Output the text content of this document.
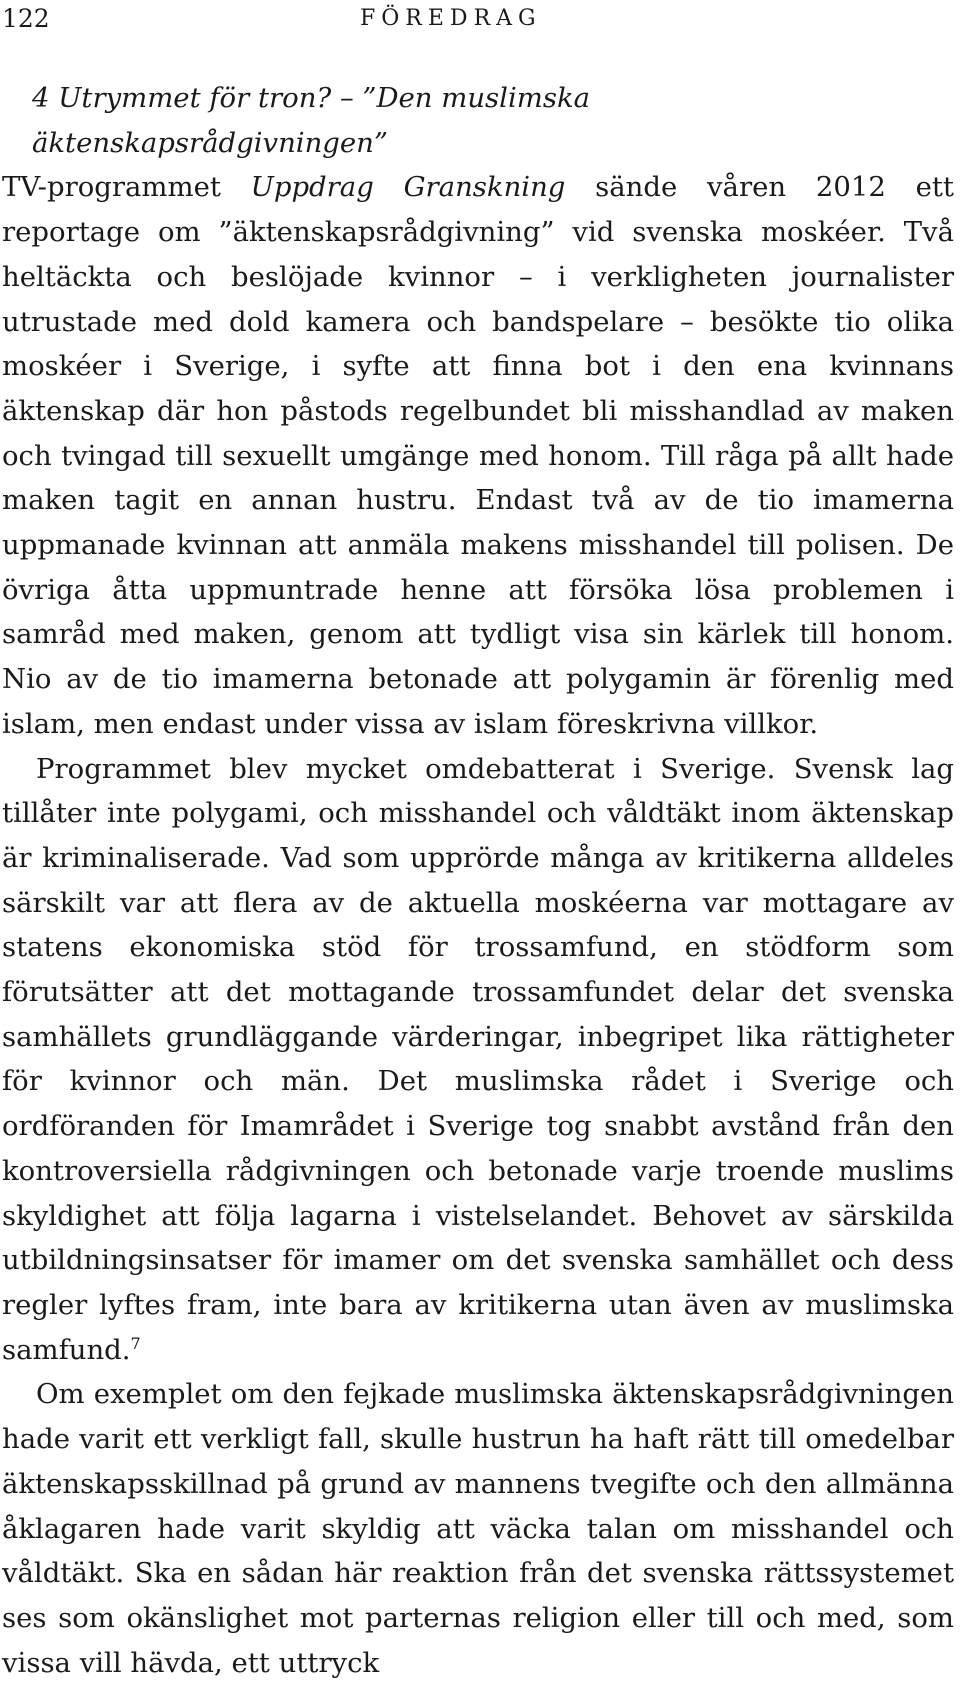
122	FÖREDRAG
4 Utrymmet för tron? – ”Den muslimska äktenskapsrådgivningen”

TV-programmet Uppdrag Granskning sände våren 2012 ett reportage om ”äktenskapsrådgivning” vid svenska moskéer. Två heltäckta och beslöjade kvinnor – i verkligheten journalister utrustade med dold kamera och bandspelare – besökte tio olika moskéer i Sverige, i syfte att finna bot i den ena kvinnans äktenskap där hon påstods regelbundet bli misshandlad av maken och tvingad till sexuellt umgänge med honom. Till råga på allt hade maken tagit en annan hustru. Endast två av de tio imamerna uppmanade kvinnan att anmäla makens misshandel till polisen. De övriga åtta uppmuntrade henne att försöka lösa problemen i samråd med maken, genom att tydligt visa sin kärlek till honom. Nio av de tio imamerna betonade att polygamin är förenlig med islam, men endast under vissa av islam föreskrivna villkor.

Programmet blev mycket omdebatterat i Sverige. Svensk lag tillåter inte polygami, och misshandel och våldtäkt inom äktenskap är kriminaliserade. Vad som upprörde många av kritikerna alldeles särskilt var att flera av de aktuella moskéerna var mottagare av statens ekonomiska stöd för trossamfund, en stödform som förutsätter att det mottagande trossamfundet delar det svenska samhällets grundläggande värderingar, inbegripet lika rättigheter för kvinnor och män. Det muslimska rådet i Sverige och ordföranden för Imamrådet i Sverige tog snabbt avstånd från den kontroversiella rådgivningen och betonade varje troende muslims skyldighet att följa lagarna i vistelselandet. Behovet av särskilda utbildningsinsatser för imamer om det svenska samhället och dess regler lyftes fram, inte bara av kritikerna utan även av muslimska samfund.$^7$

Om exemplet om den fejkade muslimska äktenskapsrådgivningen hade varit ett verkligt fall, skulle hustrun ha haft rätt till omedelbar äktenskapsskillnad på grund av mannens tvegifte och den allmänna åklagaren hade varit skyldig att väcka talan om misshandel och våldtäkt. Ska en sådan här reaktion från det svenska rättssystemet ses som okänslighet mot parternas religion eller till och med, som vissa vill hävda, ett uttryck
